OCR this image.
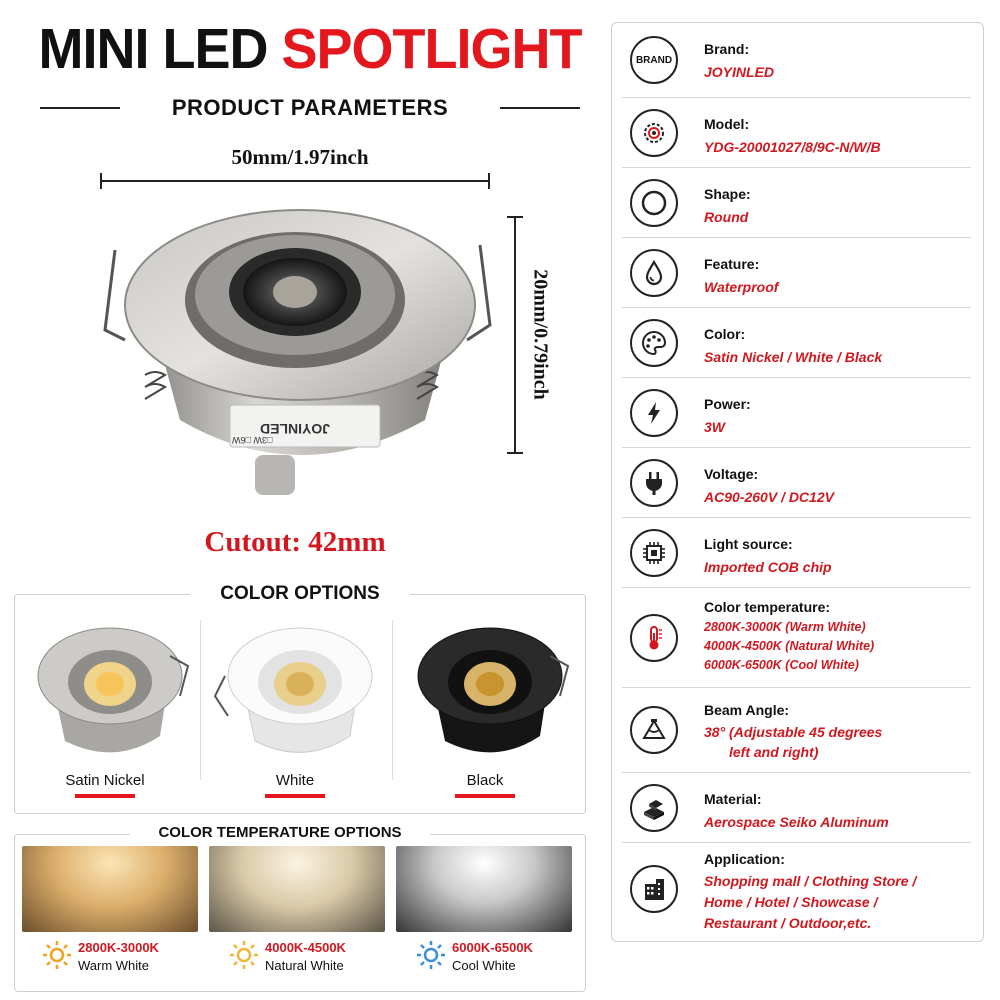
MINI LED SPOTLIGHT
PRODUCT PARAMETERS
50mm/1.97inch
20mm/0.79inch
JOYINLED
□3W □6W
Cutout: 42mm
COLOR OPTIONS
Satin Nickel	White	Black
COLOR TEMPERATURE OPTIONS
2800K-3000K
Warm White
4000K-4500K
Natural White
6000K-6500K
Cool White
BRAND
Brand:
JOYINLED
Model:
YDG-20001027/8/9C-N/W/B
Shape:
Round
Feature:
Waterproof
Color:
Satin Nickel / White / Black
Power:
3W
Voltage:
AC90-260V / DC12V
Light source:
Imported COB chip
Color temperature:
2800K-3000K (Warm White)
4000K-4500K (Natural White)
6000K-6500K (Cool White)
Beam Angle:
38° (Adjustable 45 degrees
left and right)
Material:
Aerospace Seiko Aluminum
Application:
Shopping mall / Clothing Store /
Home / Hotel / Showcase /
Restaurant / Outdoor,etc.
